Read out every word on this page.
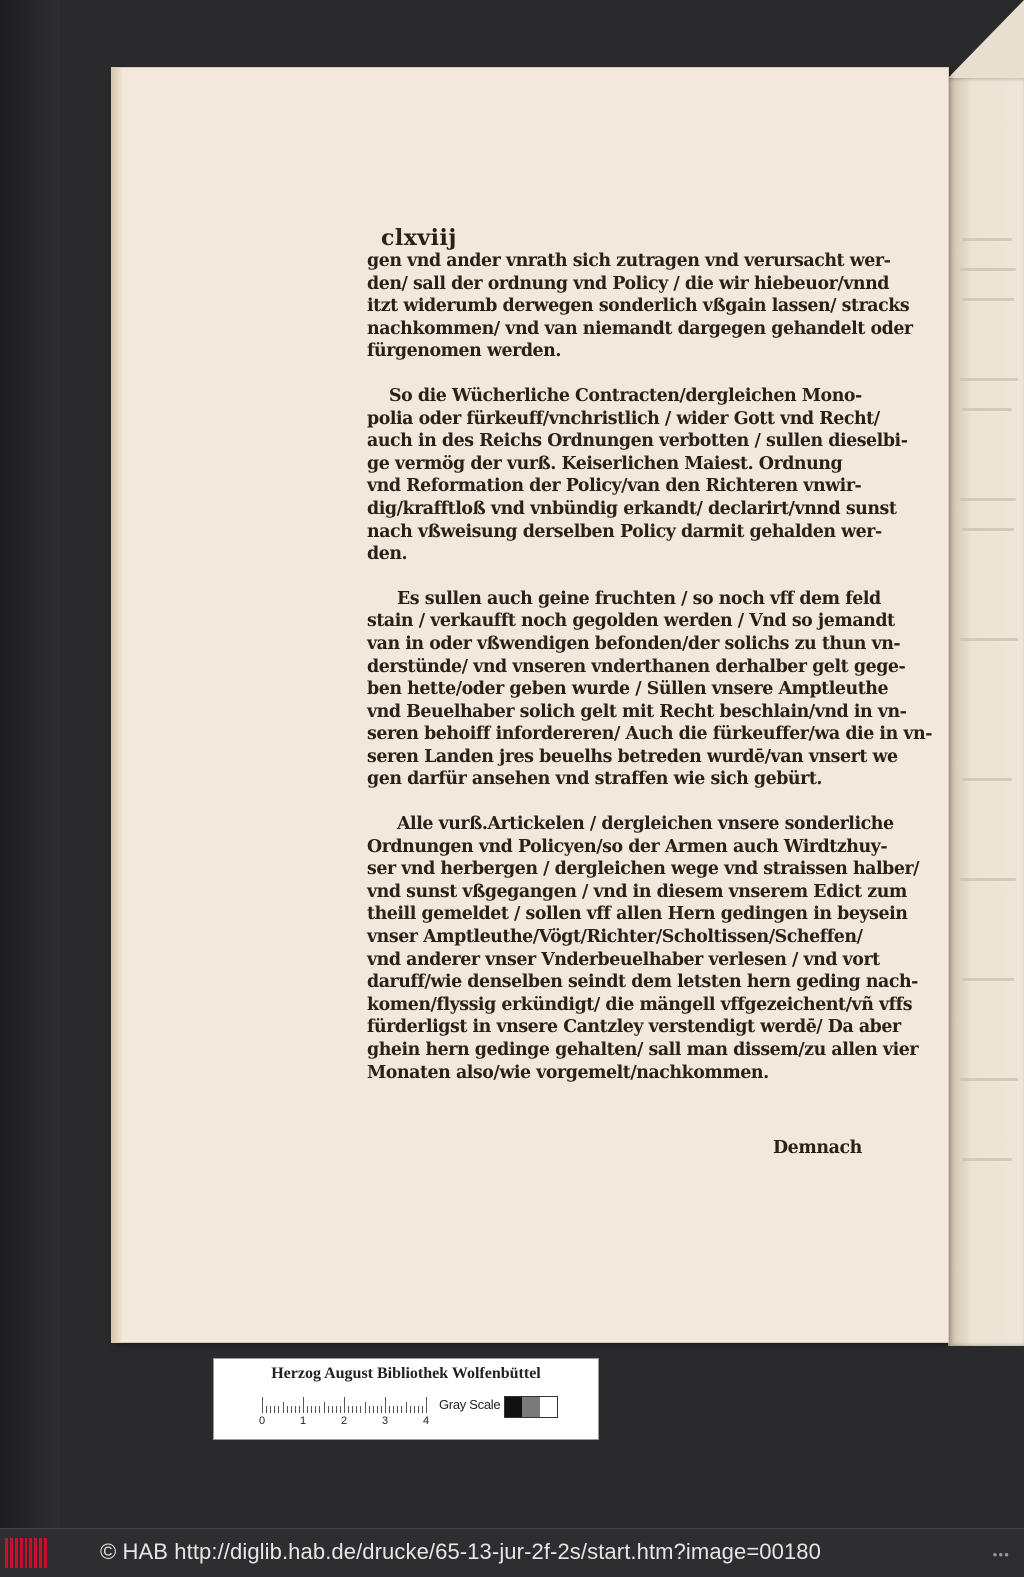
clxviij
gen vnd ander vnrath sich zutragen vnd verursacht wer-
den/ sall der ordnung vnd Policy / die wir hiebeuor/vnnd
itzt widerumb derwegen sonderlich vßgain lassen/ stracks
nachkommen/ vnd van niemandt dargegen gehandelt oder
fürgenomen werden.
So die Wücherliche Contracten/dergleichen Mono-
polia oder fürkeuff/vnchristlich / wider Gott vnd Recht/
auch in des Reichs Ordnungen verbotten / sullen dieselbi-
ge vermög der vurß. Keiserlichen Maiest. Ordnung
vnd Reformation der Policy/van den Richteren vnwir-
dig/krafftloß vnd vnbündig erkandt/ declarirt/vnnd sunst
nach vßweisung derselben Policy darmit gehalden wer-
den.
Es sullen auch geine fruchten / so noch vff dem feld
stain / verkaufft noch gegolden werden / Vnd so jemandt
van in oder vßwendigen befonden/der solichs zu thun vn-
derstünde/ vnd vnseren vnderthanen derhalber gelt gege-
ben hette/oder geben wurde / Süllen vnsere Amptleuthe
vnd Beuelhaber solich gelt mit Recht beschlain/vnd in vn-
seren behoiff infordereren/ Auch die fürkeuffer/wa die in vn-
seren Landen jres beuelhs betreden wurdē/van vnsert we
gen darfür ansehen vnd straffen wie sich gebürt.
Alle vurß.Artickelen / dergleichen vnsere sonderliche
Ordnungen vnd Policyen/so der Armen auch Wirdtzhuy-
ser vnd herbergen / dergleichen wege vnd straissen halber/
vnd sunst vßgegangen / vnd in diesem vnserem Edict zum
theill gemeldet / sollen vff allen Hern gedingen in beysein
vnser Amptleuthe/Vögt/Richter/Scholtissen/Scheffen/
vnd anderer vnser Vnderbeuelhaber verlesen / vnd vort
daruff/wie denselben seindt dem letsten hern geding nach-
komen/flyssig erkündigt/ die mängell vffgezeichent/vñ vffs
fürderligst in vnsere Cantzley verstendigt werdē/ Da aber
ghein hern gedinge gehalten/ sall man dissem/zu allen vier
Monaten also/wie vorgemelt/nachkommen.
Demnach
Herzog August Bibliothek Wolfenbüttel
0	1	2	3	4
Gray Scale
© HAB http://diglib.hab.de/drucke/65-13-jur-2f-2s/start.htm?image=00180	●●●
